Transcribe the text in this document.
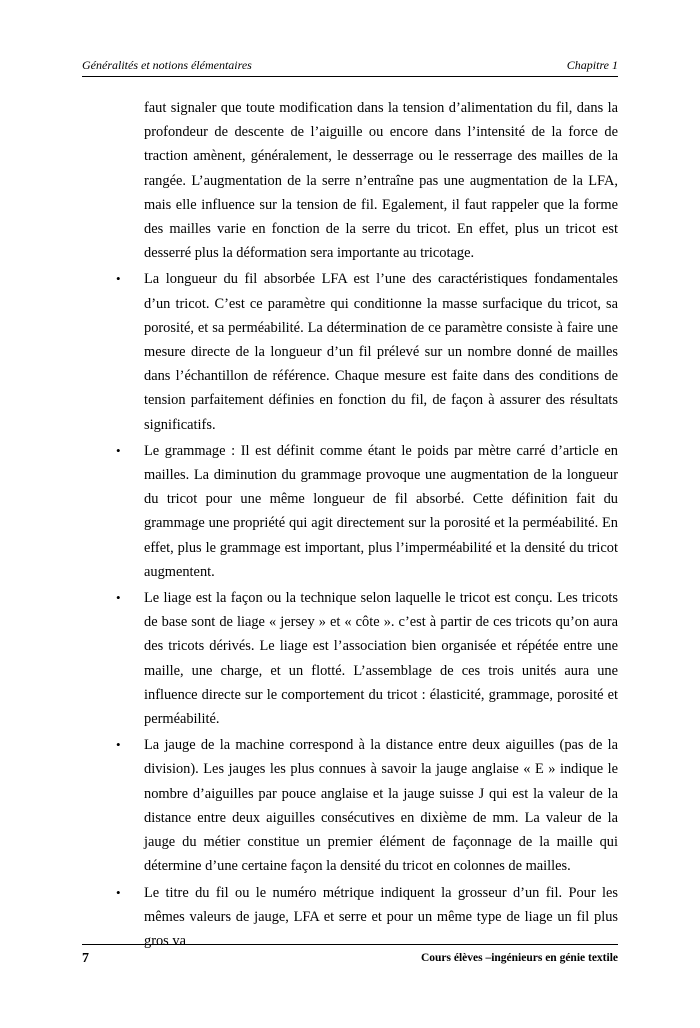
Généralités et notions élémentaires	Chapitre 1

faut signaler que toute modification dans la tension d’alimentation du fil, dans la profondeur de descente de l’aiguille ou encore dans l’intensité de la force de traction amènent, généralement, le desserrage ou le resserrage des mailles de la rangée. L’augmentation de la serre n’entraîne pas une augmentation de la LFA, mais elle influence sur la tension de fil. Egalement, il faut rappeler que la forme des mailles varie en fonction de la serre du tricot. En effet, plus un tricot est desserré plus la déformation sera importante au tricotage.

• La longueur du fil absorbée LFA est l’une des caractéristiques fondamentales d’un tricot. C’est ce paramètre qui conditionne la masse surfacique du tricot, sa porosité, et sa perméabilité. La détermination de ce paramètre consiste à faire une mesure directe de la longueur d’un fil prélevé sur un nombre donné de mailles dans l’échantillon de référence. Chaque mesure est faite dans des conditions de tension parfaitement définies en fonction du fil, de façon à assurer des résultats significatifs.
• Le grammage : Il est définit comme étant le poids par mètre carré d’article en mailles. La diminution du grammage provoque une augmentation de la longueur du tricot pour une même longueur de fil absorbé. Cette définition fait du grammage une propriété qui agit directement sur la porosité et la perméabilité. En effet, plus le grammage est important, plus l’imperméabilité et la densité du tricot augmentent.
• Le liage est la façon ou la technique selon laquelle le tricot est conçu. Les tricots de base sont de liage « jersey » et « côte ». c’est à partir de ces tricots qu’on aura des tricots dérivés. Le liage est l’association bien organisée et répétée entre une maille, une charge, et un flotté. L’assemblage de ces trois unités aura une influence directe sur le comportement du tricot : élasticité, grammage, porosité et perméabilité.
• La jauge de la machine correspond à la distance entre deux aiguilles (pas de la division). Les jauges les plus connues à savoir la jauge anglaise « E » indique le nombre d’aiguilles par pouce anglaise et la jauge suisse J qui est la valeur de la distance entre deux aiguilles consécutives en dixième de mm. La valeur de la jauge du métier constitue un premier élément de façonnage de la maille qui détermine d’une certaine façon la densité du tricot en colonnes de mailles.
• Le titre du fil ou le numéro métrique indiquent la grosseur d’un fil. Pour les mêmes valeurs de jauge, LFA et serre et pour un même type de liage un fil plus gros va
7	Cours élèves –ingénieurs en génie textile
